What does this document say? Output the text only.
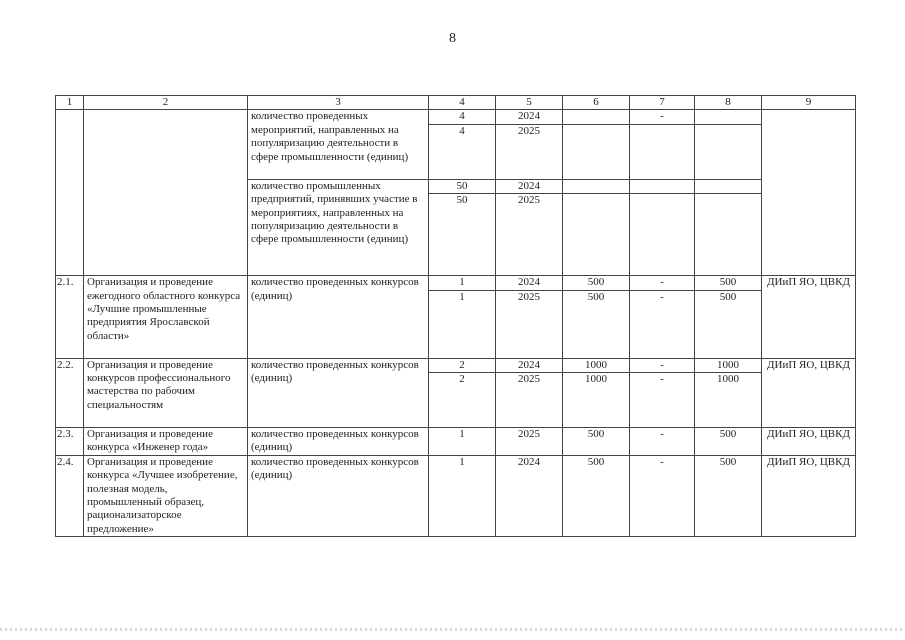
8
1	2	3	4	5	6	7	8	9
		количество проведенных мероприятий, направленных на популяризацию деятельности в сфере промышленности (единиц)	4	2024		-		
			4	2025				
		количество промышленных предприятий, принявших участие в мероприятиях, направленных на популяризацию деятельности в сфере промышленности (единиц)	50	2024				
			50	2025				
2.1.	Организация и проведение ежегодного областного конкурса «Лучшие промышленные предприятия Ярославской области»	количество проведенных конкурсов (единиц)	1	2024	500	-	500	ДИиП ЯО, ЦВКД
			1	2025	500	-	500	
2.2.	Организация и проведение конкурсов профессионального мастерства по рабочим специальностям	количество проведенных конкурсов (единиц)	2	2024	1000	-	1000	ДИиП ЯО, ЦВКД
			2	2025	1000	-	1000	
2.3.	Организация и проведение конкурса «Инженер года»	количество проведенных конкурсов (единиц)	1	2025	500	-	500	ДИиП ЯО, ЦВКД
2.4.	Организация и проведение конкурса «Лучшее изобретение, полезная модель, промышленный образец, рационализаторское предложение»	количество проведенных конкурсов (единиц)	1	2024	500	-	500	ДИиП ЯО, ЦВКД
